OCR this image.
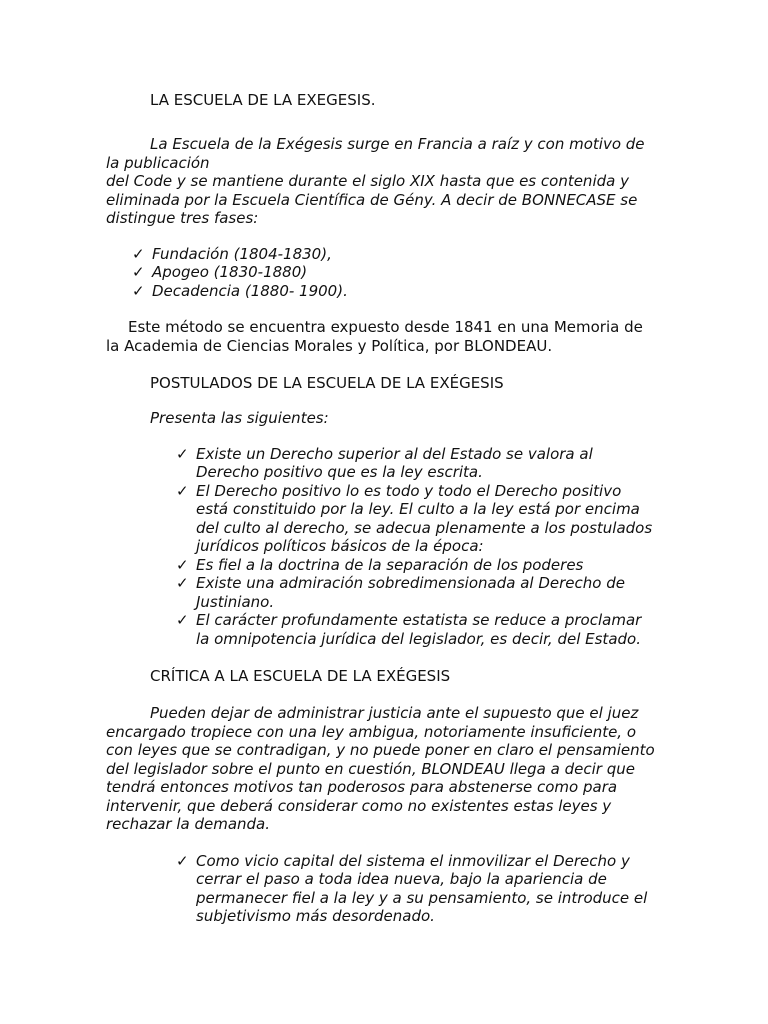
LA ESCUELA DE LA EXEGESIS.
La Escuela de la Exégesis surge en Francia a raíz y con motivo de
la publicación
del Code y se mantiene durante el siglo XIX hasta que es contenida y
eliminada por la Escuela Científica de Gény. A decir de BONNECASE se
distingue tres fases:
✓ Fundación (1804-1830),
✓ Apogeo (1830-1880)
✓ Decadencia (1880- 1900).
Este método se encuentra expuesto desde 1841 en una Memoria de
la Academia de Ciencias Morales y Política, por BLONDEAU.
POSTULADOS DE LA ESCUELA DE LA EXÉGESIS
Presenta las siguientes:
✓ Existe un Derecho superior al del Estado se valora al
Derecho positivo que es la ley escrita.
✓ El Derecho positivo lo es todo y todo el Derecho positivo
está constituido por la ley. El culto a la ley está por encima
del culto al derecho, se adecua plenamente a los postulados
jurídicos políticos básicos de la época:
✓ Es fiel a la doctrina de la separación de los poderes
✓ Existe una admiración sobredimensionada al Derecho de
Justiniano.
✓ El carácter profundamente estatista se reduce a proclamar
la omnipotencia jurídica del legislador, es decir, del Estado.
CRÍTICA A LA ESCUELA DE LA EXÉGESIS
Pueden dejar de administrar justicia ante el supuesto que el juez
encargado tropiece con una ley ambigua, notoriamente insuficiente, o
con leyes que se contradigan, y no puede poner en claro el pensamiento
del legislador sobre el punto en cuestión, BLONDEAU llega a decir que
tendrá entonces motivos tan poderosos para abstenerse como para
intervenir, que deberá considerar como no existentes estas leyes y
rechazar la demanda.
✓ Como vicio capital del sistema el inmovilizar el Derecho y
cerrar el paso a toda idea nueva, bajo la apariencia de
permanecer fiel a la ley y a su pensamiento, se introduce el
subjetivismo más desordenado.
